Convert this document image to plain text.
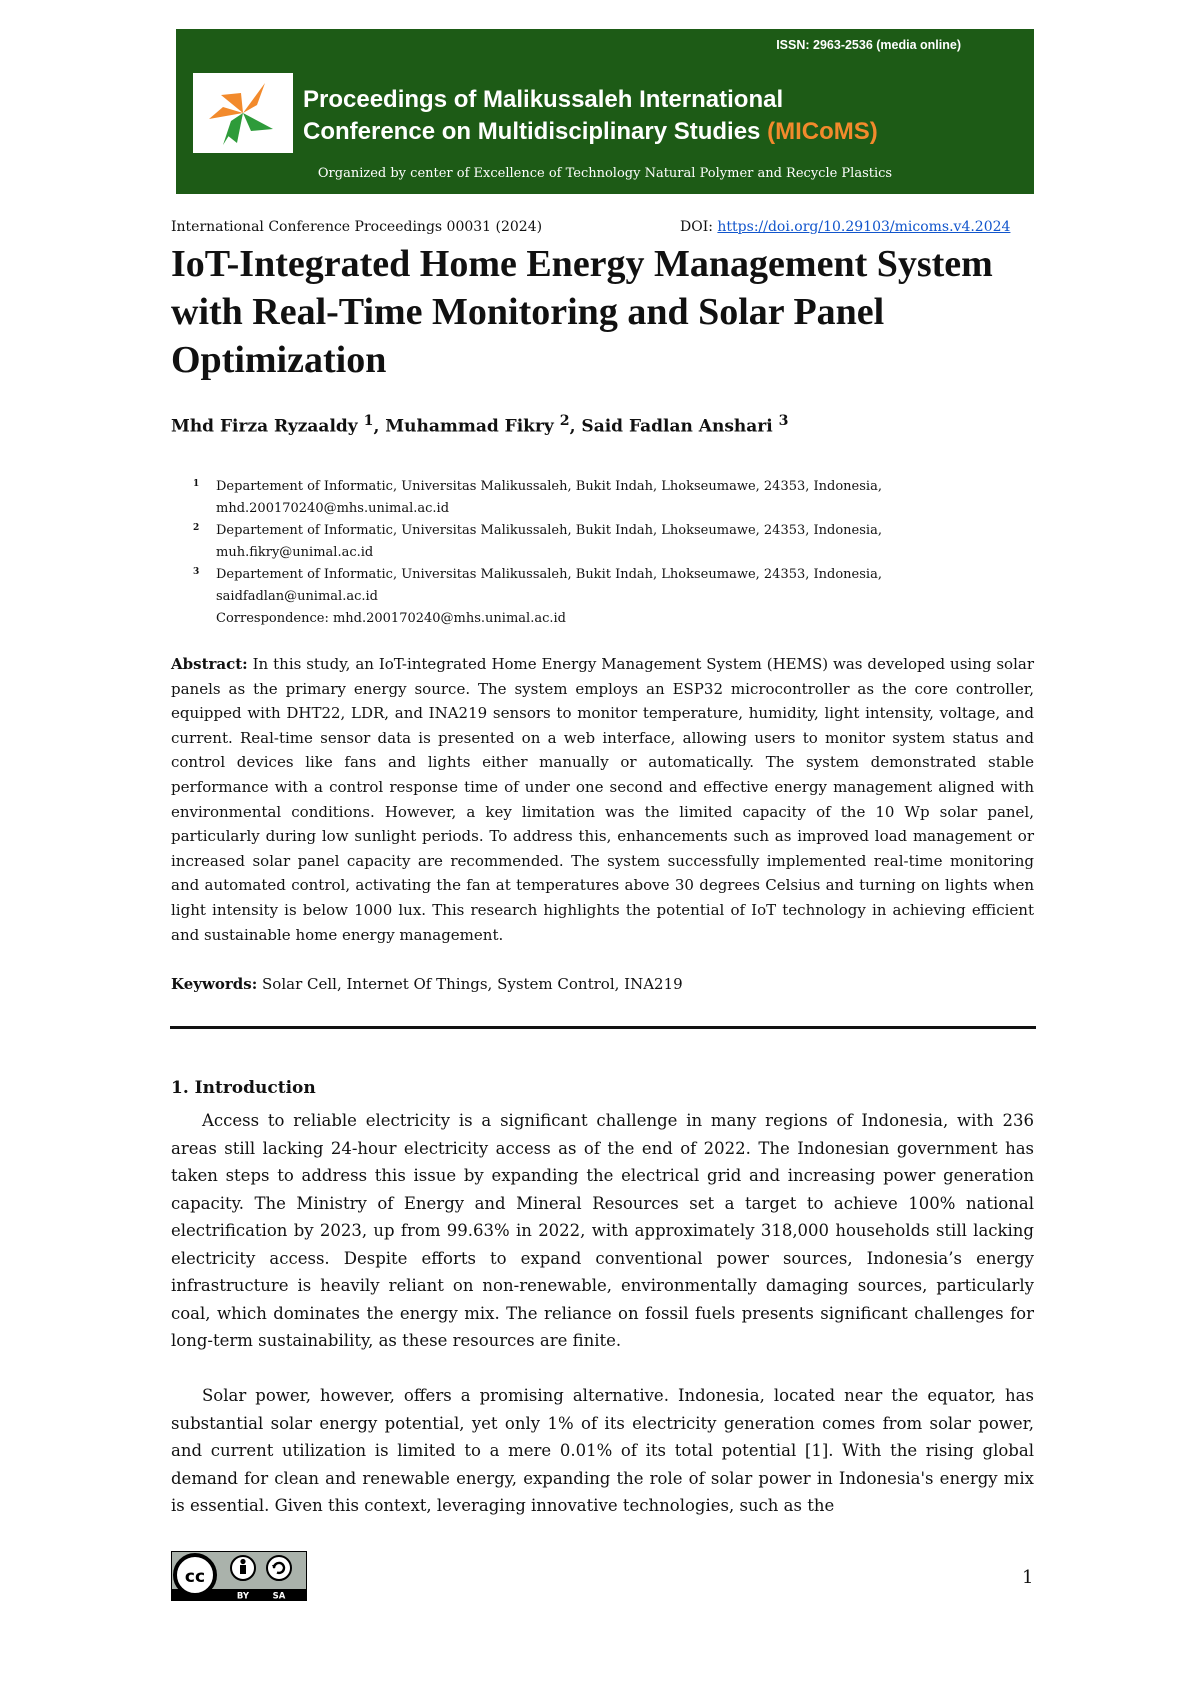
ISSN: 2963-2536 (media online)
Proceedings of Malikussaleh International
Conference on Multidisciplinary Studies (MICoMS)
Organized by center of Excellence of Technology Natural Polymer and Recycle Plastics
International Conference Proceedings 00031 (2024)	DOI: https://doi.org/10.29103/micoms.v4.2024
IoT-Integrated Home Energy Management System
with Real-Time Monitoring and Solar Panel
Optimization
Mhd Firza Ryzaaldy $^1$, Muhammad Fikry $^2$, Said Fadlan Anshari $^3$
1 Departement of Informatic, Universitas Malikussaleh, Bukit Indah, Lhokseumawe, 24353, Indonesia,
mhd.200170240@mhs.unimal.ac.id
2 Departement of Informatic, Universitas Malikussaleh, Bukit Indah, Lhokseumawe, 24353, Indonesia,
muh.fikry@unimal.ac.id
3 Departement of Informatic, Universitas Malikussaleh, Bukit Indah, Lhokseumawe, 24353, Indonesia,
saidfadlan@unimal.ac.id
Correspondence: mhd.200170240@mhs.unimal.ac.id

Abstract: In this study, an IoT-integrated Home Energy Management System (HEMS) was developed using solar panels as the primary energy source. The system employs an ESP32 microcontroller as the core controller, equipped with DHT22, LDR, and INA219 sensors to monitor temperature, humidity, light intensity, voltage, and current. Real-time sensor data is presented on a web interface, allowing users to monitor system status and control devices like fans and lights either manually or automatically. The system demonstrated stable performance with a control response time of under one second and effective energy management aligned with environmental conditions. However, a key limitation was the limited capacity of the 10 Wp solar panel, particularly during low sunlight periods. To address this, enhancements such as improved load management or increased solar panel capacity are recommended. The system successfully implemented real-time monitoring and automated control, activating the fan at temperatures above 30 degrees Celsius and turning on lights when light intensity is below 1000 lux. This research highlights the potential of IoT technology in achieving efficient and sustainable home energy management.

Keywords: Solar Cell, Internet Of Things, System Control, INA219
1. Introduction

Access to reliable electricity is a significant challenge in many regions of Indonesia, with 236 areas still lacking 24-hour electricity access as of the end of 2022. The Indonesian government has taken steps to address this issue by expanding the electrical grid and increasing power generation capacity. The Ministry of Energy and Mineral Resources set a target to achieve 100% national electrification by 2023, up from 99.63% in 2022, with approximately 318,000 households still lacking electricity access. Despite efforts to expand conventional power sources, Indonesia’s energy infrastructure is heavily reliant on non-renewable, environmentally damaging sources, particularly coal, which dominates the energy mix. The reliance on fossil fuels presents significant challenges for long-term sustainability, as these resources are finite.

Solar power, however, offers a promising alternative. Indonesia, located near the equator, has substantial solar energy potential, yet only 1% of its electricity generation comes from solar power, and current utilization is limited to a mere 0.01% of its total potential [1]. With the rising global demand for clean and renewable energy, expanding the role of solar power in Indonesia's energy mix is essential. Given this context, leveraging innovative technologies, such as the

cc
BY	SA
1
